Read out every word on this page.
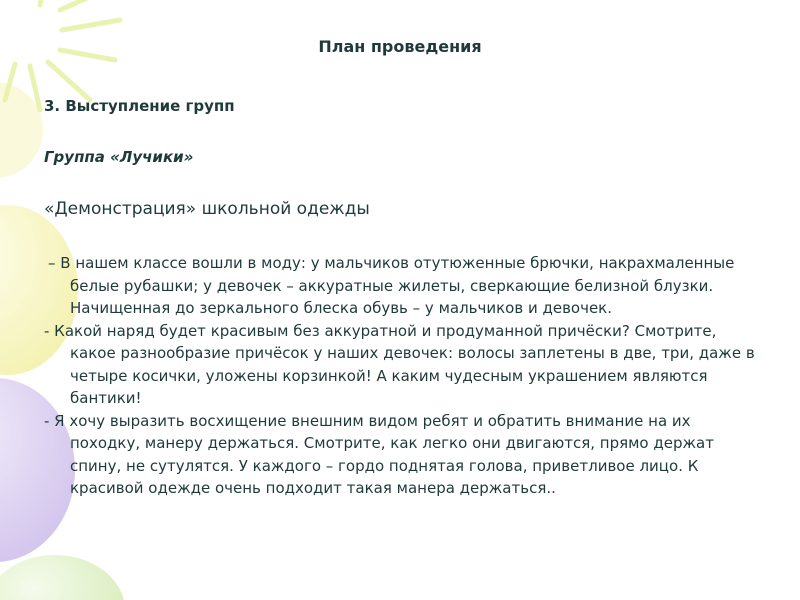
План проведения
3. Выступление групп
Группа «Лучики»
«Демонстрация» школьной одежды

– В нашем классе вошли в моду: у мальчиков отутюженные брючки, накрахмаленные белые рубашки; у девочек – аккуратные жилеты, сверкающие белизной блузки. Начищенная до зеркального блеска обувь – у мальчиков и девочек.

- Какой наряд будет красивым без аккуратной и продуманной причёски? Смотрите, какое разнообразие причёсок у наших девочек: волосы заплетены в две, три, даже в четыре косички, уложены корзинкой! А каким чудесным украшением являются бантики!

- Я хочу выразить восхищение внешним видом ребят и обратить внимание на их походку, манеру держаться. Смотрите, как легко они двигаются, прямо держат спину, не сутулятся. У каждого – гордо поднятая голова, приветливое лицо. К красивой одежде очень подходит такая манера держаться..
